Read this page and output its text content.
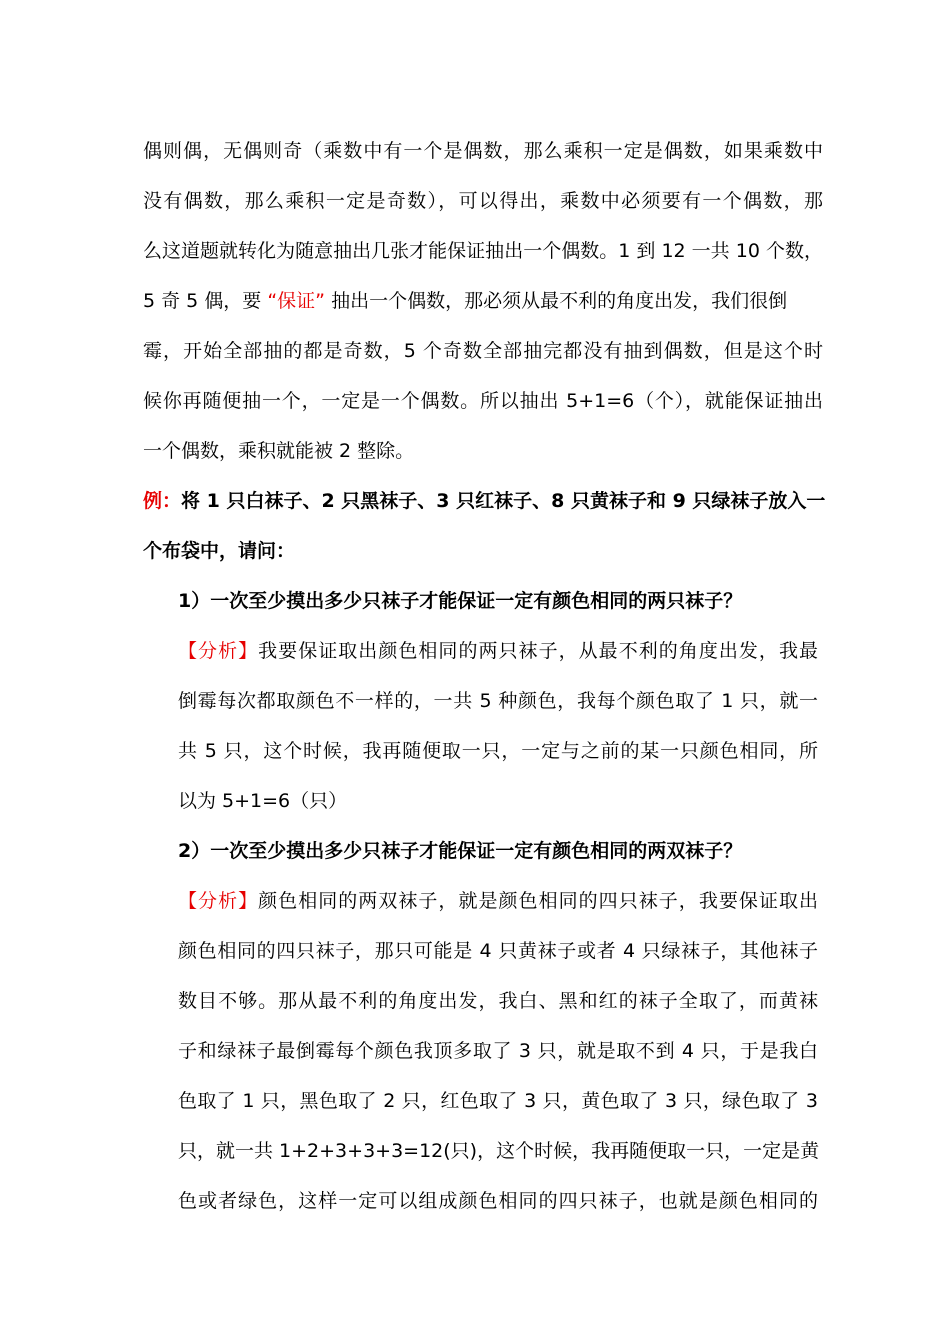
偶则偶，无偶则奇（乘数中有一个是偶数，那么乘积一定是偶数，如果乘数中
没有偶数，那么乘积一定是奇数），可以得出，乘数中必须要有一个偶数，那
么这道题就转化为随意抽出几张才能保证抽出一个偶数。1 到 12 一共 10 个数，
5 奇 5 偶，要 “保证” 抽出一个偶数，那必须从最不利的角度出发，我们很倒
霉，开始全部抽的都是奇数，5 个奇数全部抽完都没有抽到偶数，但是这个时
候你再随便抽一个，一定是一个偶数。所以抽出 5+1=6（个），就能保证抽出
一个偶数，乘积就能被 2 整除。
例：将 1 只白袜子、2 只黑袜子、3 只红袜子、8 只黄袜子和 9 只绿袜子放入一
个布袋中，请问：
1）一次至少摸出多少只袜子才能保证一定有颜色相同的两只袜子？
【分析】我要保证取出颜色相同的两只袜子，从最不利的角度出发，我最
倒霉每次都取颜色不一样的，一共 5 种颜色，我每个颜色取了 1 只，就一
共 5 只，这个时候，我再随便取一只，一定与之前的某一只颜色相同，所
以为 5+1=6（只）
2）一次至少摸出多少只袜子才能保证一定有颜色相同的两双袜子？
【分析】颜色相同的两双袜子，就是颜色相同的四只袜子，我要保证取出
颜色相同的四只袜子，那只可能是 4 只黄袜子或者 4 只绿袜子，其他袜子
数目不够。那从最不利的角度出发，我白、黑和红的袜子全取了，而黄袜
子和绿袜子最倒霉每个颜色我顶多取了 3 只，就是取不到 4 只，于是我白
色取了 1 只，黑色取了 2 只，红色取了 3 只，黄色取了 3 只，绿色取了 3
只，就一共 1+2+3+3+3=12(只)，这个时候，我再随便取一只，一定是黄
色或者绿色，这样一定可以组成颜色相同的四只袜子，也就是颜色相同的
